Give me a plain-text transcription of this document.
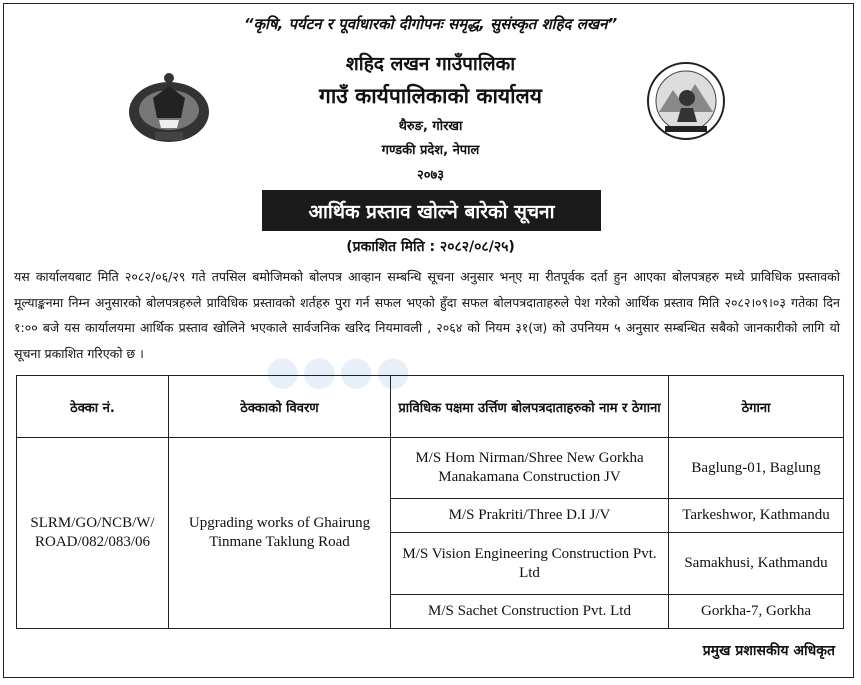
“कृषि, पर्यटन र पूर्वाधारको दीगोपनः समृद्ध, सुसंस्कृत शहिद लखन”
शहिद लखन गाउँपालिका
गाउँ कार्यपालिकाको कार्यालय
थैरुङ, गोरखा
गण्डकी प्रदेश, नेपाल
२०७३
आर्थिक प्रस्ताव खोल्ने बारेको सूचना
(प्रकाशित मिति : २०८२/०८/२५)
यस कार्यालयबाट मिति २०८२/०६/२९ गते तपसिल बमोजिमको बोलपत्र आव्हान सम्बन्धि सूचना अनुसार भन्ए मा रीतपूर्वक दर्ता हुन आएका बोलपत्रहरु मध्ये प्राविधिक प्रस्तावको मूल्याङ्कनमा निम्न अनुसारको बोलपत्रहरुले प्राविधिक प्रस्तावको शर्तहरु पुरा गर्न सफल भएको हुँदा सफल बोलपत्रदाताहरुले पेश गरेको आर्थिक प्रस्ताव मिति २०८२।०९।०३ गतेका दिन १:०० बजे यस कार्यालयमा आर्थिक प्रस्ताव खोलिने भएकाले सार्वजनिक खरिद नियमावली , २०६४ को नियम ३१(ज) को उपनियम ५ अनुसार सम्बन्धित सबैको जानकारीको लागि यो सूचना प्रकाशित गरिएको छ ।	●●●●
ठेक्का नं.	ठेक्काको विवरण	प्राविधिक पक्षमा उर्त्तिण बोलपत्रदाताहरुको नाम र ठेगाना	ठेगाना
SLRM/GO/NCB/W/ ROAD/082/083/06	Upgrading works of Ghairung Tinmane Taklung Road	M/S Hom Nirman/Shree New Gorkha Manakamana Construction JV	Baglung-01, Baglung
		M/S Prakriti/Three D.I J/V	Tarkeshwor, Kathmandu
		M/S Vision Engineering Construction Pvt. Ltd	Samakhusi, Kathmandu
		M/S Sachet Construction Pvt. Ltd	Gorkha-7, Gorkha
प्रमुख प्रशासकीय अधिकृत
